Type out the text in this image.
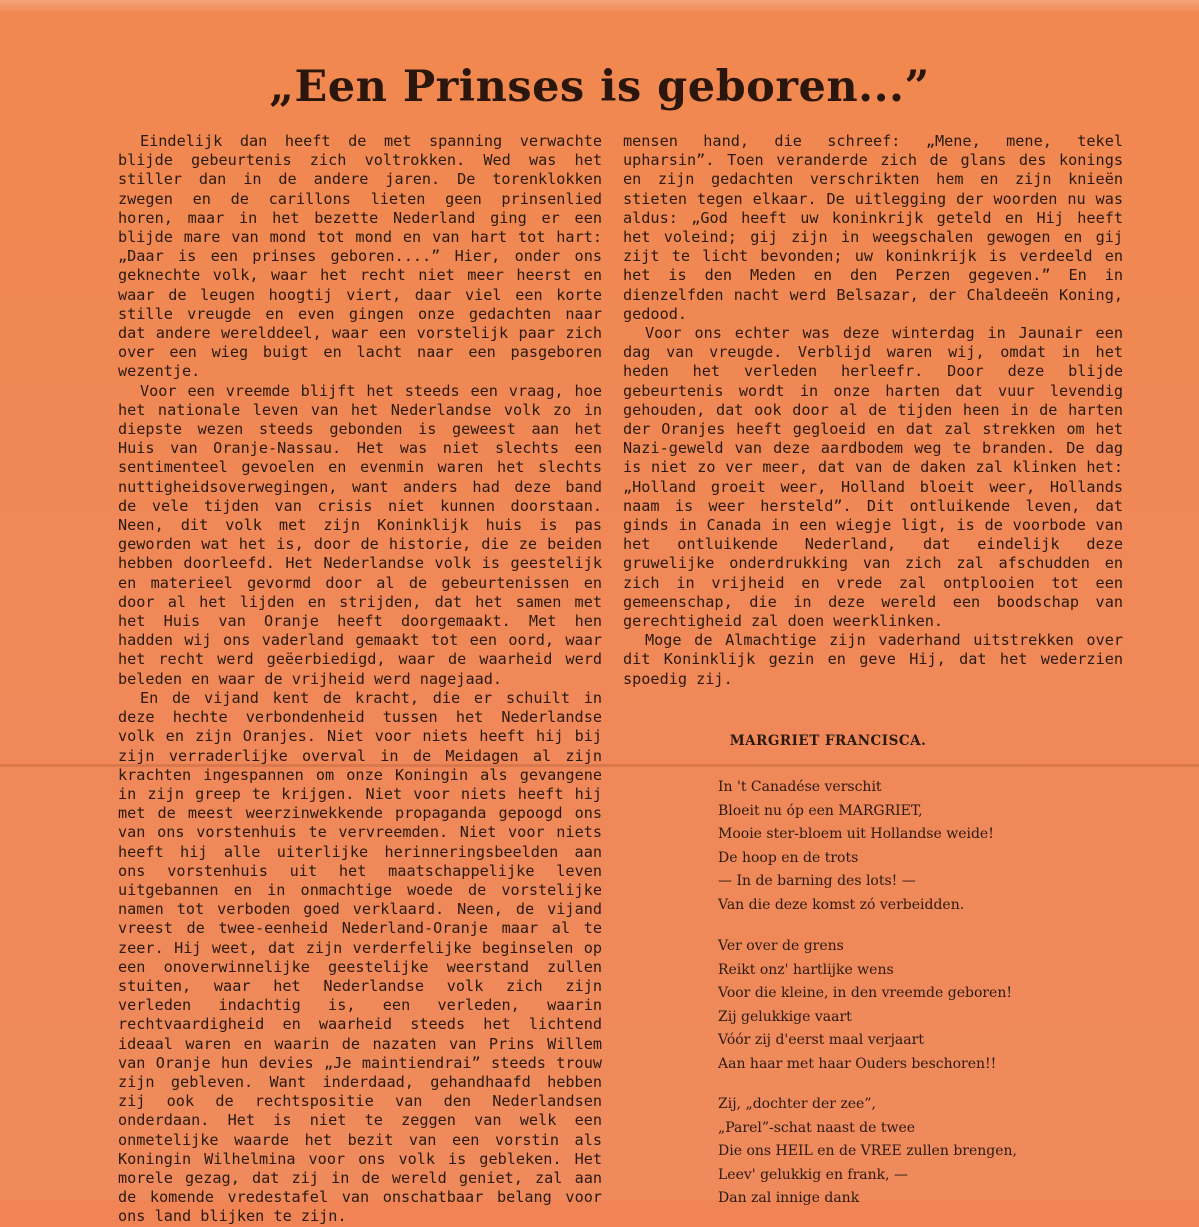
„Een Prinses is geboren...”

Eindelijk dan heeft de met spanning verwachte blijde gebeurtenis zich voltrokken. Wed was het stiller dan in de andere jaren. De torenklokken zwegen en de carillons lieten geen prinsenlied horen, maar in het bezette Nederland ging er een blijde mare van mond tot mond en van hart tot hart: „Daar is een prinses geboren....” Hier, onder ons geknechte volk, waar het recht niet meer heerst en waar de leugen hoogtij viert, daar viel een korte stille vreugde en even gingen onze gedachten naar dat andere werelddeel, waar een vorstelijk paar zich over een wieg buigt en lacht naar een pasgeboren wezentje.

Voor een vreemde blijft het steeds een vraag, hoe het nationale leven van het Nederlandse volk zo in diepste wezen steeds gebonden is geweest aan het Huis van Oranje-Nassau. Het was niet slechts een sentimenteel gevoelen en evenmin waren het slechts nuttigheidsoverwegingen, want anders had deze band de vele tijden van crisis niet kunnen doorstaan. Neen, dit volk met zijn Koninklijk huis is pas geworden wat het is, door de historie, die ze beiden hebben doorleefd. Het Nederlandse volk is geestelijk en materieel gevormd door al de gebeurtenissen en door al het lijden en strijden, dat het samen met het Huis van Oranje heeft doorgemaakt. Met hen hadden wij ons vaderland gemaakt tot een oord, waar het recht werd geëerbiedigd, waar de waarheid werd beleden en waar de vrijheid werd nagejaad.

En de vijand kent de kracht, die er schuilt in deze hechte verbondenheid tussen het Nederlandse volk en zijn Oranjes. Niet voor niets heeft hij bij zijn verraderlijke overval in de Meidagen al zijn krachten ingespannen om onze Koningin als gevangene in zijn greep te krijgen. Niet voor niets heeft hij met de meest weerzinwekkende propaganda gepoogd ons van ons vorstenhuis te vervreemden. Niet voor niets heeft hij alle uiterlijke herinneringsbeelden aan ons vorstenhuis uit het maatschappelijke leven uitgebannen en in onmachtige woede de vorstelijke namen tot verboden goed verklaard. Neen, de vijand vreest de twee-eenheid Nederland-Oranje maar al te zeer. Hij weet, dat zijn verderfelijke beginselen op een onoverwinnelijke geestelijke weerstand zullen stuiten, waar het Nederlandse volk zich zijn verleden indachtig is, een verleden, waarin rechtvaardigheid en waarheid steeds het lichtend ideaal waren en waarin de nazaten van Prins Willem van Oranje hun devies „Je maintiendrai” steeds trouw zijn gebleven. Want inderdaad, gehandhaafd hebben zij ook de rechtspositie van den Nederlandsen onderdaan. Het is niet te zeggen van welk een onmetelijke waarde het bezit van een vorstin als Koningin Wilhelmina voor ons volk is gebleken. Het morele gezag, dat zij in de wereld geniet, zal aan de komende vredestafel van onschatbaar belang voor ons land blijken te zijn.

mensen hand, die schreef: „Mene, mene, tekel upharsin”. Toen veranderde zich de glans des konings en zijn gedachten verschrikten hem en zijn knieën stieten tegen elkaar. De uitlegging der woorden nu was aldus: „God heeft uw koninkrijk geteld en Hij heeft het voleind; gij zijn in weegschalen gewogen en gij zijt te licht bevonden; uw koninkrijk is verdeeld en het is den Meden en den Perzen gegeven.” En in dienzelfden nacht werd Belsazar, der Chaldeeën Koning, gedood.

Voor ons echter was deze winterdag in Jaunair een dag van vreugde. Verblijd waren wij, omdat in het heden het verleden herleefr. Door deze blijde gebeurtenis wordt in onze harten dat vuur levendig gehouden, dat ook door al de tijden heen in de harten der Oranjes heeft gegloeid en dat zal strekken om het Nazi-geweld van deze aardbodem weg te branden. De dag is niet zo ver meer, dat van de daken zal klinken het: „Holland groeit weer, Holland bloeit weer, Hollands naam is weer hersteld”. Dit ontluikende leven, dat ginds in Canada in een wiegje ligt, is de voorbode van het ontluikende Nederland, dat eindelijk deze gruwelijke onderdrukking van zich zal afschudden en zich in vrijheid en vrede zal ontplooien tot een gemeenschap, die in deze wereld een boodschap van gerechtigheid zal doen weerklinken.

Moge de Almachtige zijn vaderhand uitstrekken over dit Koninklijk gezin en geve Hij, dat het wederzien spoedig zij.

MARGRIET FRANCISCA.
In 't Canadése verschit
Bloeit nu óp een MARGRIET,
Mooie ster-bloem uit Hollandse weide!
De hoop en de trots
— In de barning des lots! —
Van die deze komst zó verbeidden.
Ver over de grens
Reikt onz' hartlijke wens
Voor die kleine, in den vreemde geboren!
Zij gelukkige vaart
Vóór zij d'eerst maal verjaart
Aan haar met haar Ouders beschoren!!
Zij, „dochter der zee”,
„Parel”-schat naast de twee
Die ons HEIL en de VREE zullen brengen,
Leev' gelukkig en frank, —
Dan zal innige dank
